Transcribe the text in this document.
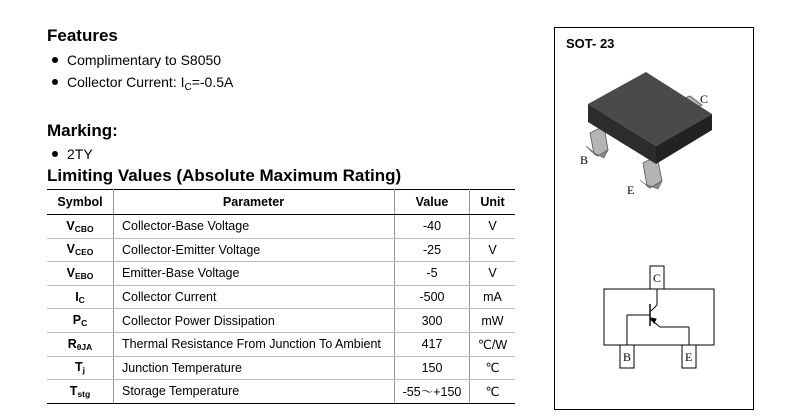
Features
Complimentary to S8050
Collector Current: $I_C=-0.5A$
Marking:
2TY
Limiting Values (Absolute Maximum Rating)
Symbol	Parameter	Value	Unit
VCBO	Collector-Base Voltage	-40	V
VCEO	Collector-Emitter Voltage	-25	V
VEBO	Emitter-Base Voltage	-5	V
IC	Collector Current	-500	mA
PC	Collector Power Dissipation	300	mW
RθJA	Thermal Resistance From Junction To Ambient	417	℃/W
Tj	Junction Temperature	150	℃
Tstg	Storage Temperature	-55～+150	℃
SOT- 23
C
B
E
C
B	E
